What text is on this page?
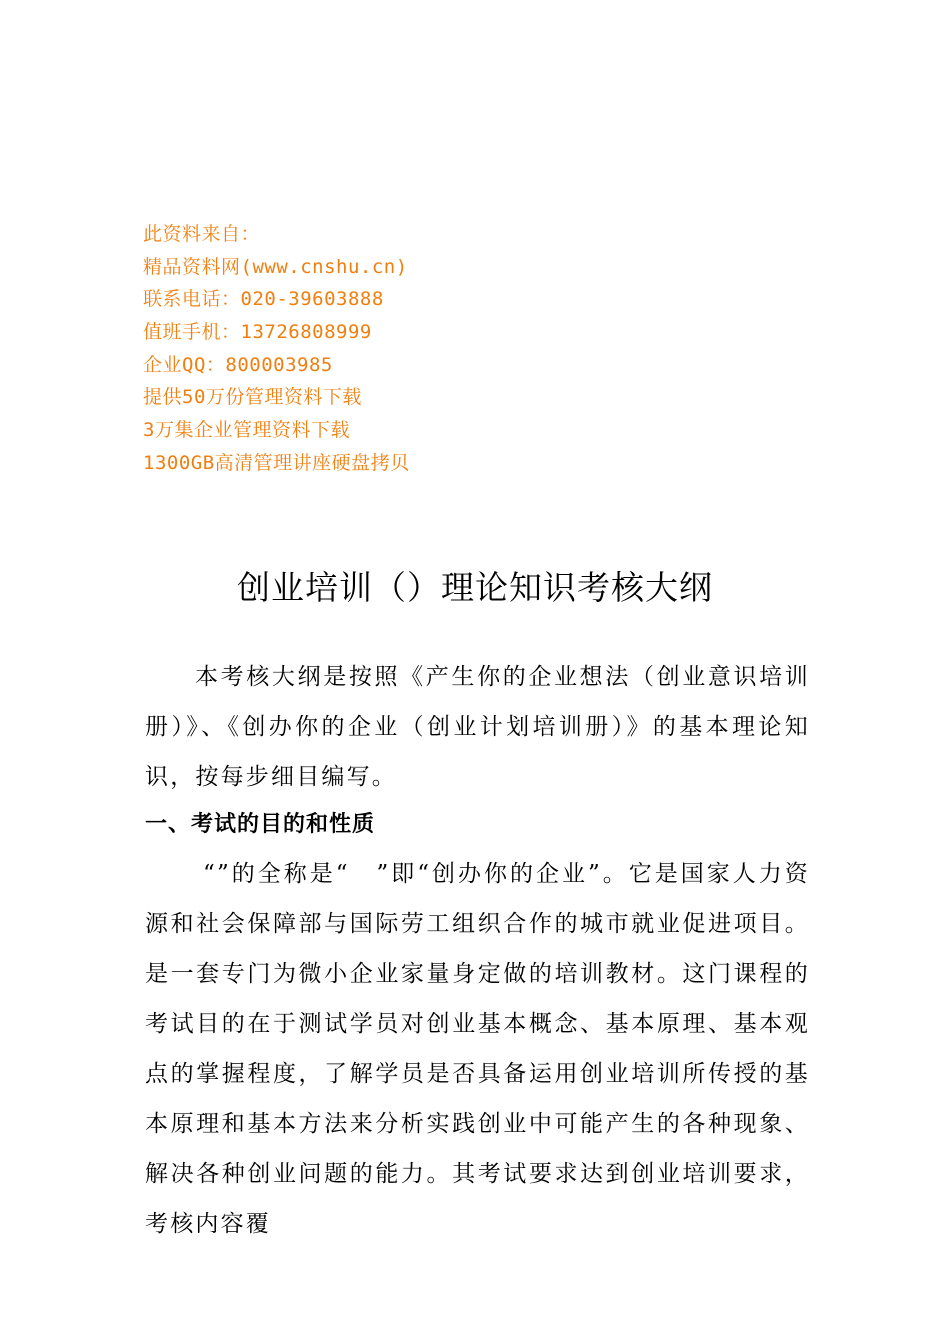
此资料来自：
精品资料网(www.cnshu.cn)
联系电话：020-39603888
值班手机：13726808999
企业QQ：800003985
提供50万份管理资料下载
3万集企业管理资料下载
1300GB高清管理讲座硬盘拷贝
创业培训（）理论知识考核大纲

本考核大纲是按照《产生你的企业想法（创业意识培训册）》、《创办你的企业（创业计划培训册）》的基本理论知识，按每步细目编写。

一、考试的目的和性质

“”的全称是“　”即“创办你的企业”。它是国家人力资源和社会保障部与国际劳工组织合作的城市就业促进项目。是一套专门为微小企业家量身定做的培训教材。这门课程的考试目的在于测试学员对创业基本概念、基本原理、基本观点的掌握程度，了解学员是否具备运用创业培训所传授的基本原理和基本方法来分析实践创业中可能产生的各种现象、解决各种创业问题的能力。其考试要求达到创业培训要求，考核内容覆
